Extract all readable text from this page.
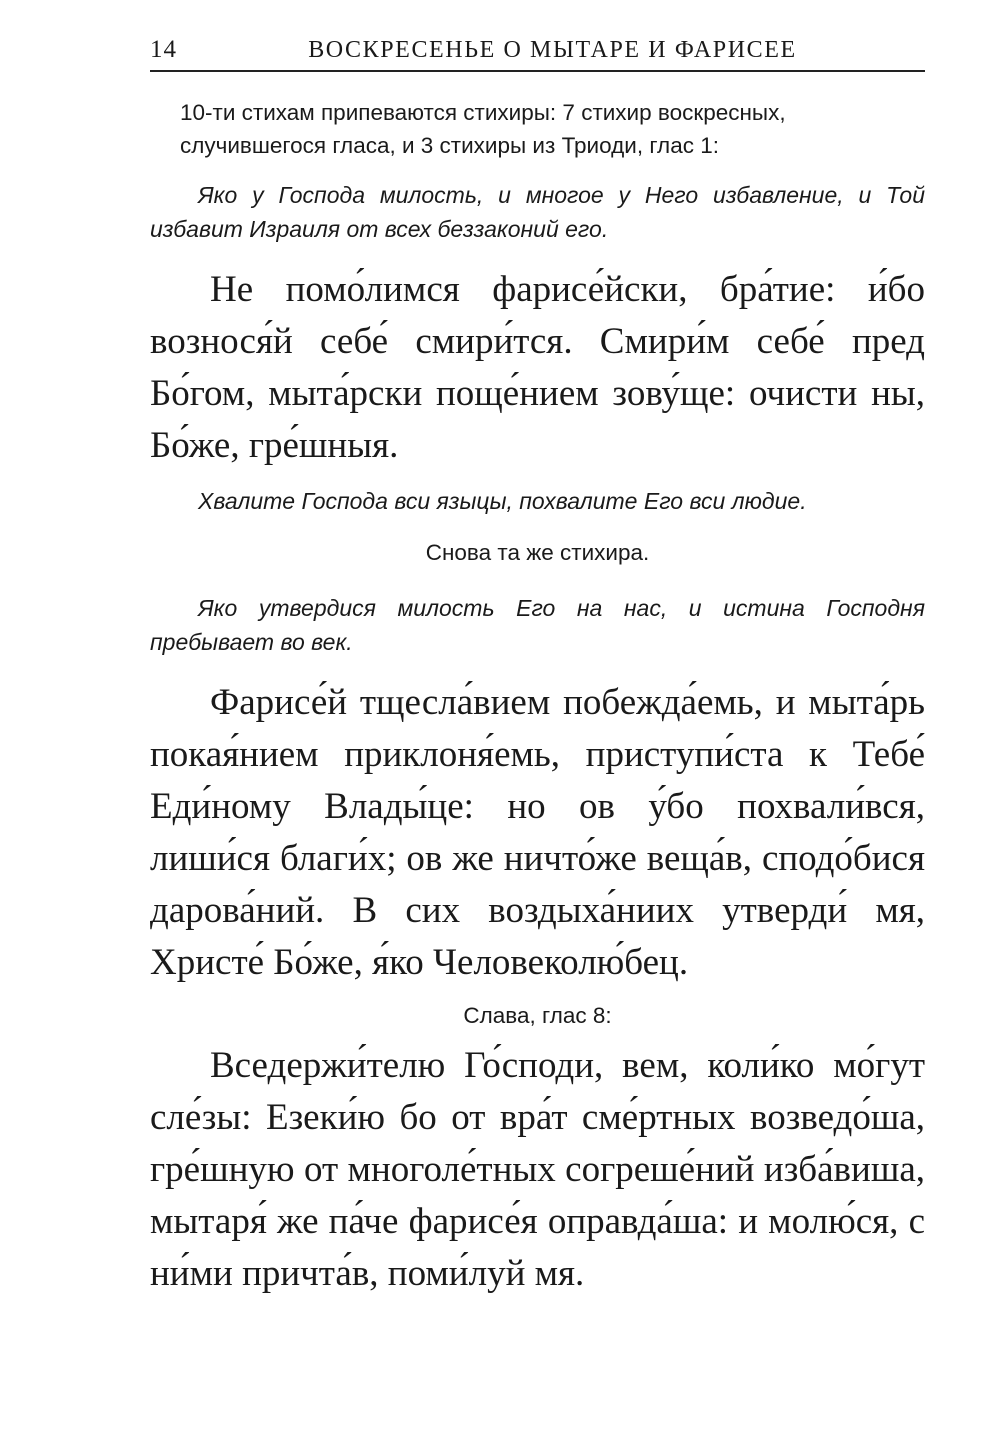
14	ВОСКРЕСЕНЬЕ О МЫТАРЕ И ФАРИСЕЕ
10-ти стихам припеваются стихиры: 7 стихир воскресных, случившегося гласа, и 3 стихиры из Триоди, глас 1:
Яко у Господа милость, и многое у Него избавление, и Той избавит Израиля от всех беззаконий его.
Не помо́лимся фарисе́йски, бра́тие: и́бо вознося́й себе́ смири́тся. Смири́м себе́ пред Бо́гом, мыта́рски поще́нием зову́ще: очисти ны, Бо́же, гре́шныя.
Хвалите Господа вси языцы, похвалите Его вси людие.
Снова та же стихира.
Яко утвердися милость Его на нас, и истина Господня пребывает во век.
Фарисе́й тщесла́вием побежда́емь, и мыта́рь покая́нием приклоня́емь, приступи́ста к Тебе́ Еди́ному Влады́це: но ов у́бо похвали́вся, лиши́ся благи́х; ов же ничто́же веща́в, сподо́бися дарова́ний. В сих воздыха́ниих утверди́ мя, Христе́ Бо́же, я́ко Человеколю́бец.
Слава, глас 8:
Вседержи́телю Го́споди, вем, коли́ко мо́гут сле́зы: Езеки́ю бо от вра́т сме́ртных возведо́ша, гре́шную от многоле́тных согреше́ний изба́виша, мытаря́ же па́че фарисе́я оправда́ша: и молю́ся, с ни́ми причта́в, поми́луй мя.
